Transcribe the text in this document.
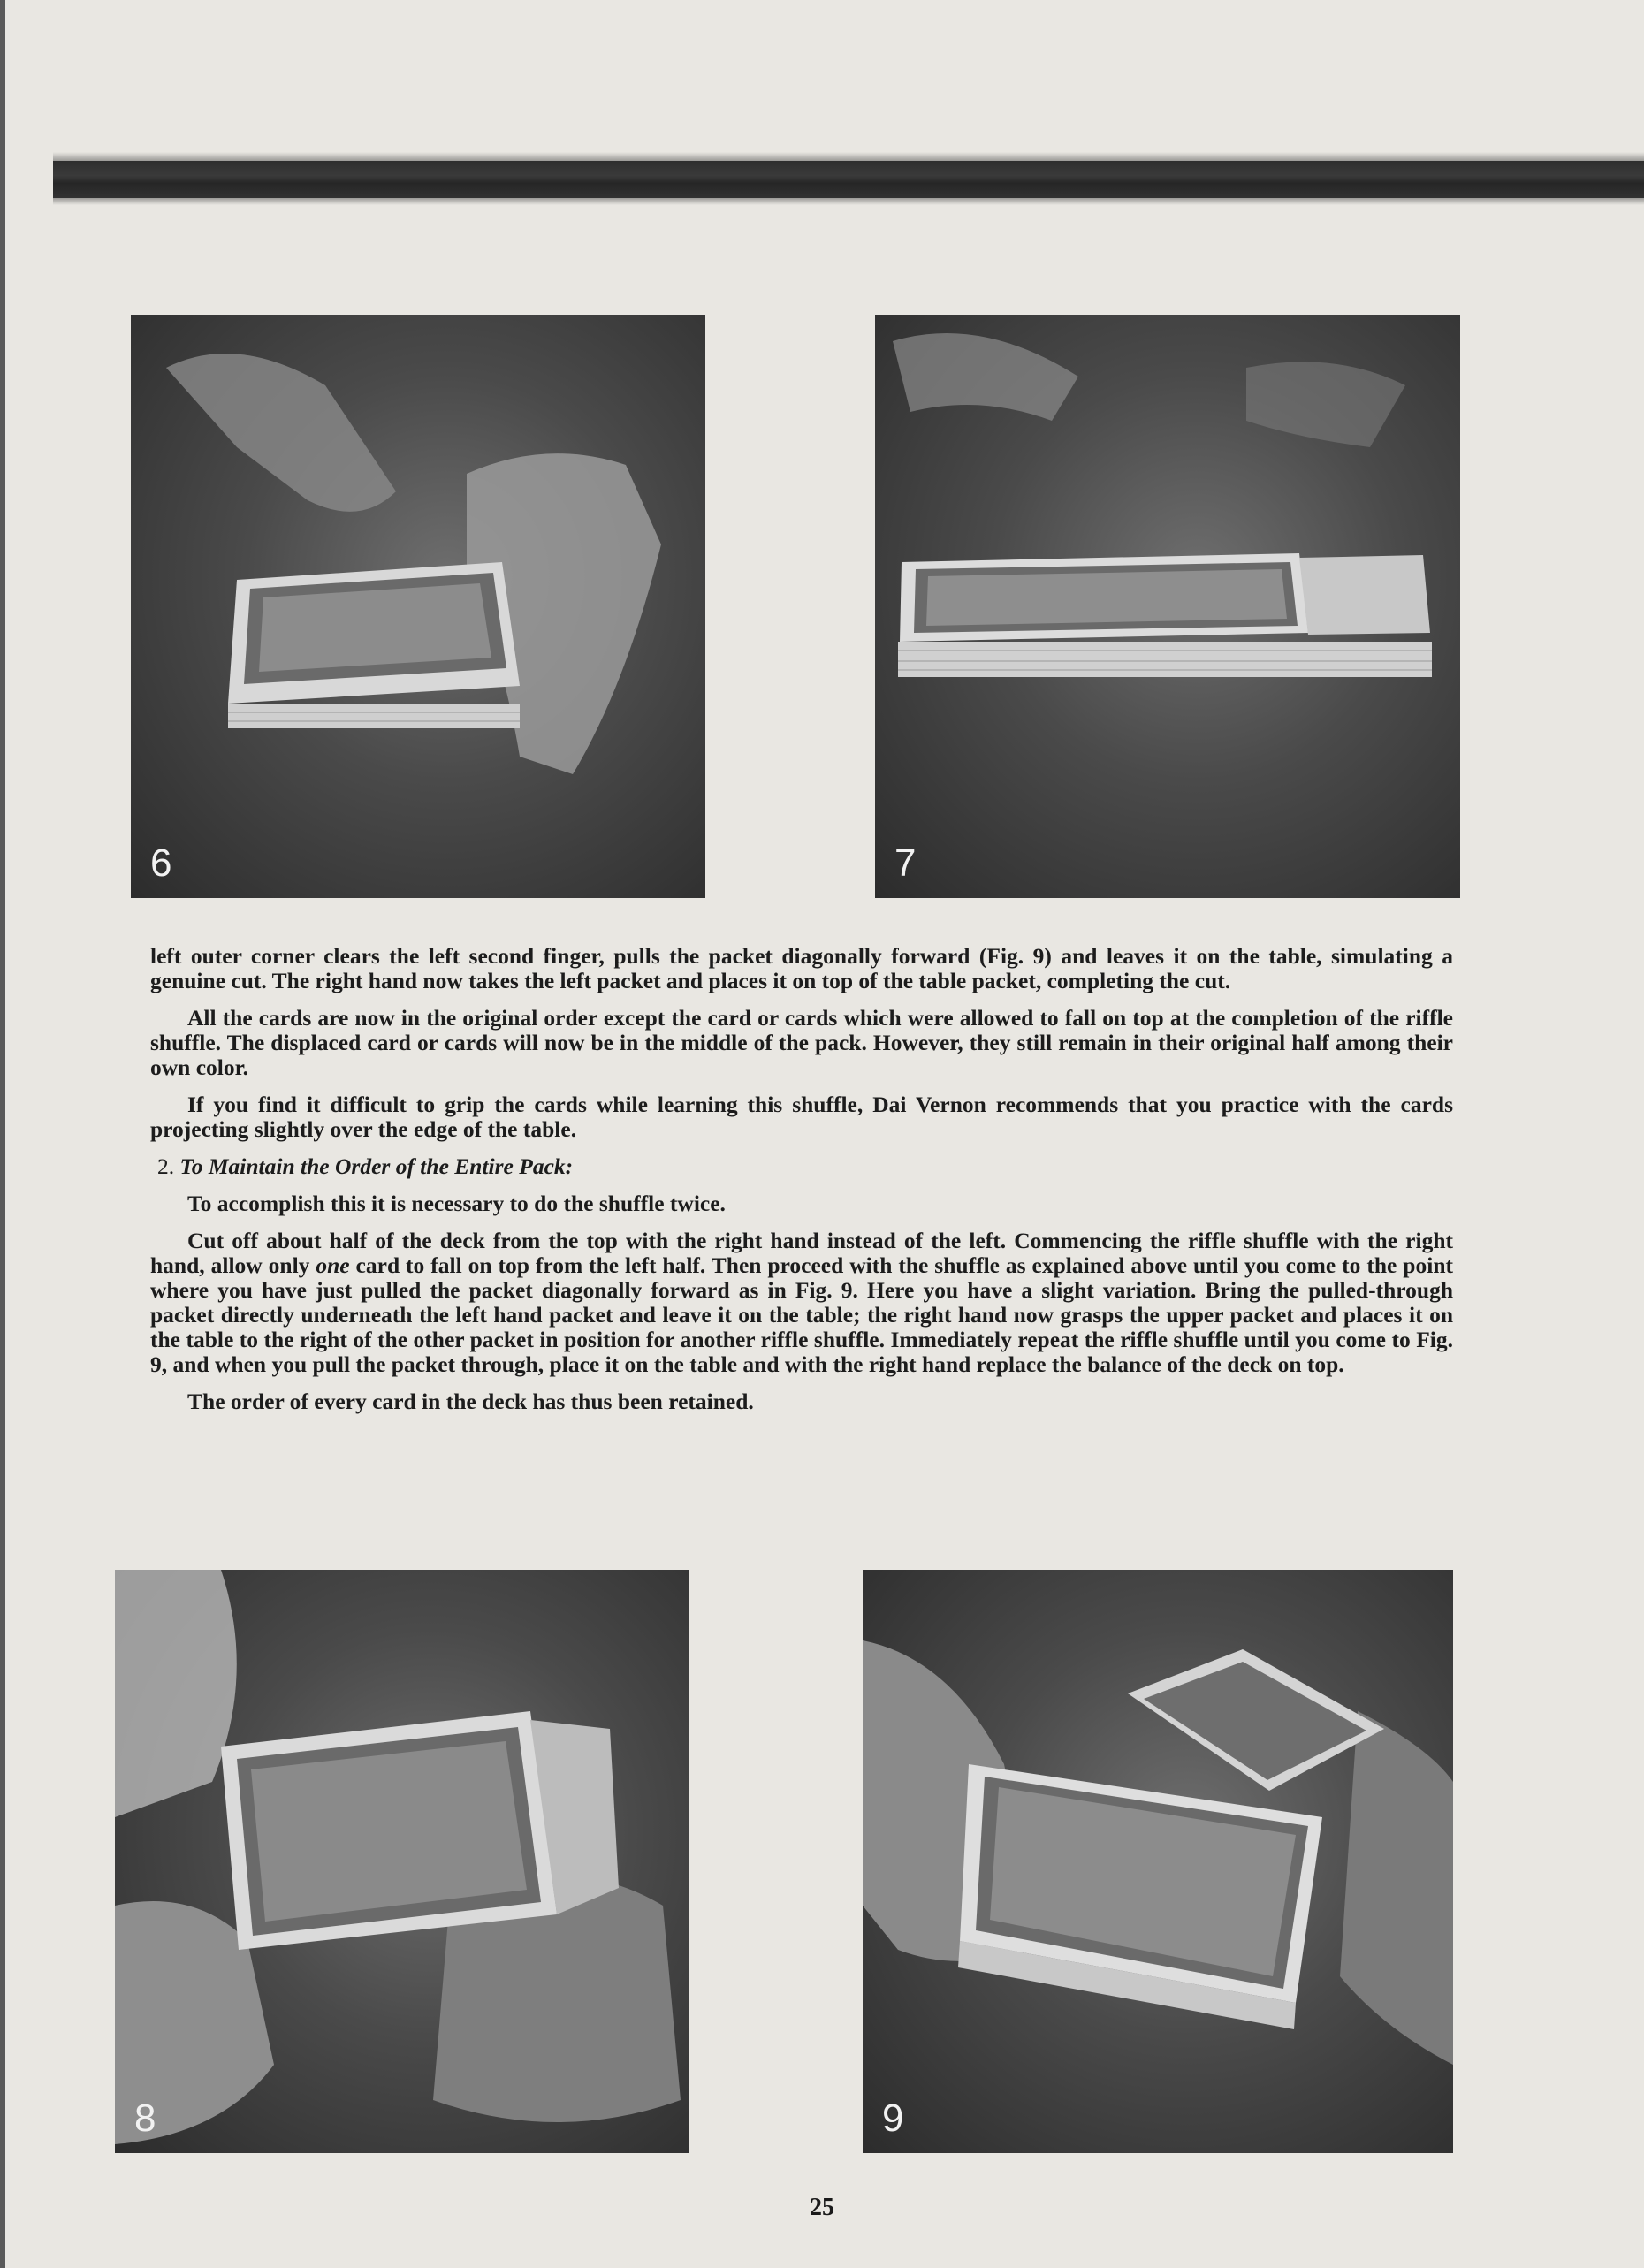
6	7

left outer corner clears the left second finger, pulls the packet diagonally forward (Fig. 9) and leaves it on the table, simulating a genuine cut. The right hand now takes the left packet and places it on top of the table packet, completing the cut.

All the cards are now in the original order except the card or cards which were allowed to fall on top at the completion of the riffle shuffle. The displaced card or cards will now be in the middle of the pack. However, they still remain in their original half among their own color.

If you find it difficult to grip the cards while learning this shuffle, Dai Vernon recommends that you practice with the cards projecting slightly over the edge of the table.

2. To Maintain the Order of the Entire Pack:

To accomplish this it is necessary to do the shuffle twice.

Cut off about half of the deck from the top with the right hand instead of the left. Commencing the riffle shuffle with the right hand, allow only one card to fall on top from the left half. Then proceed with the shuffle as explained above until you come to the point where you have just pulled the packet diagonally forward as in Fig. 9. Here you have a slight variation. Bring the pulled-through packet directly underneath the left hand packet and leave it on the table; the right hand now grasps the upper packet and places it on the table to the right of the other packet in position for another riffle shuffle. Immediately repeat the riffle shuffle until you come to Fig. 9, and when you pull the packet through, place it on the table and with the right hand replace the balance of the deck on top.

The order of every card in the deck has thus been retained.

8	9
25
